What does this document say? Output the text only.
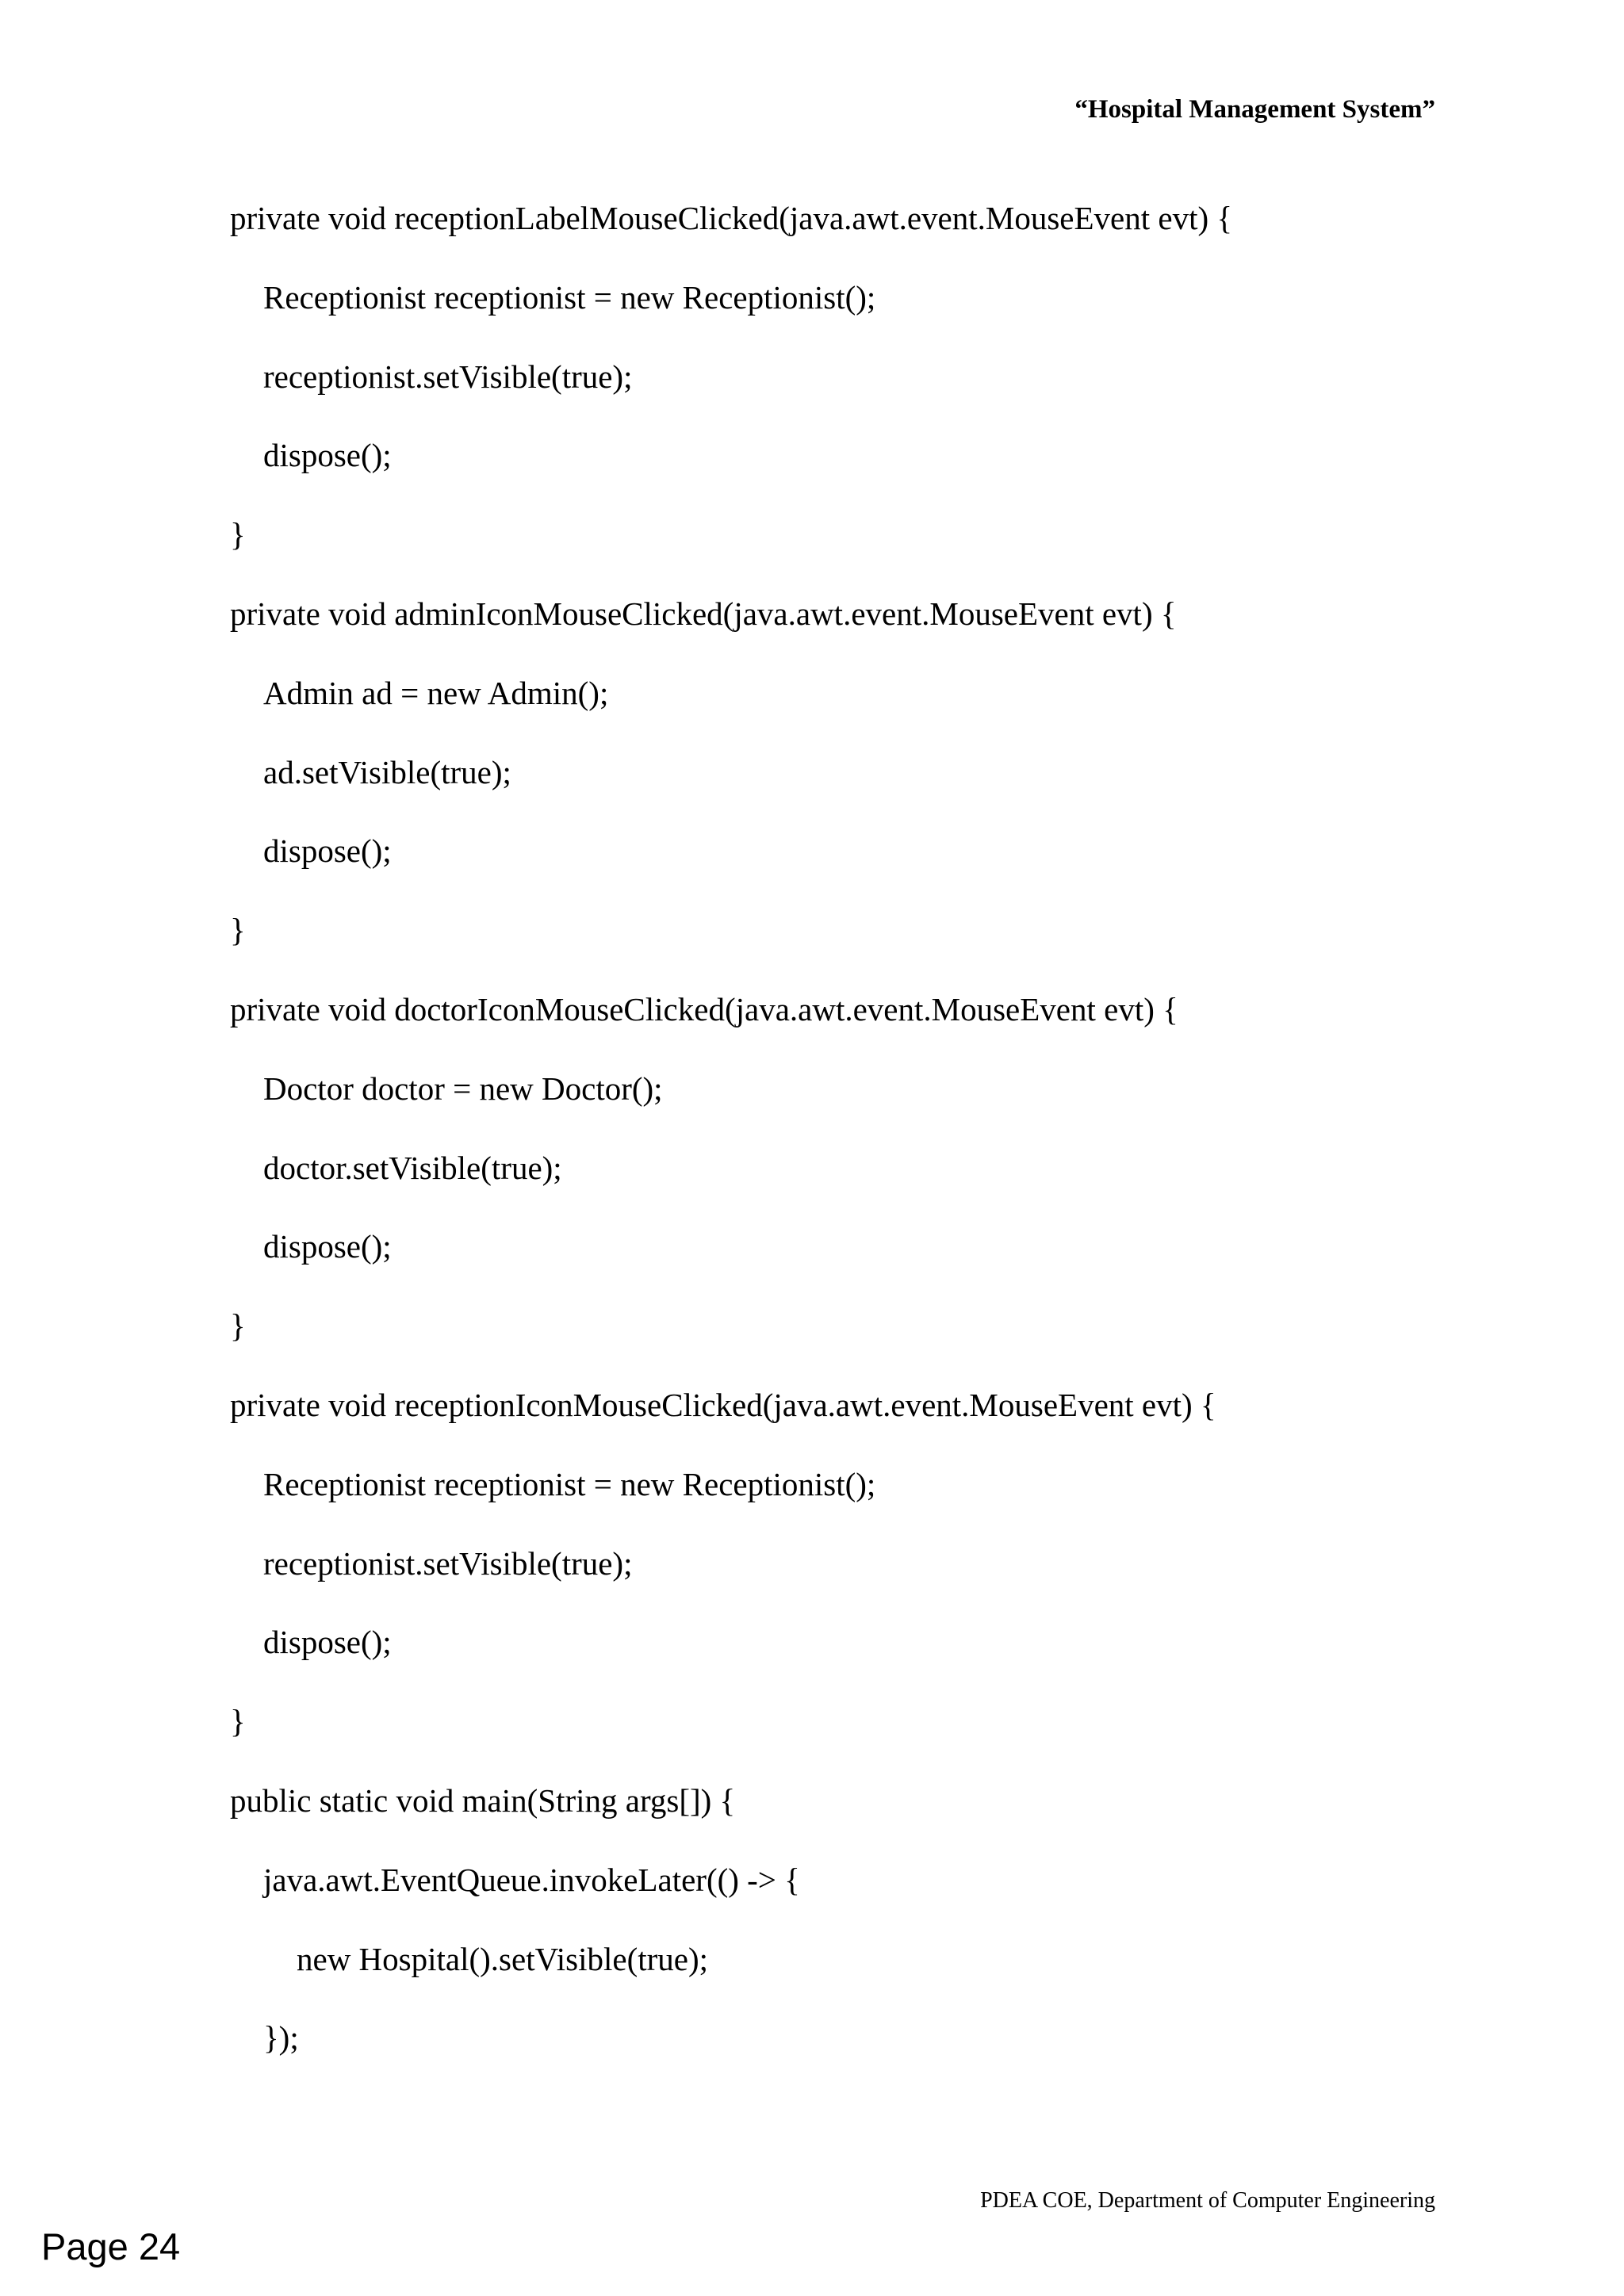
“Hospital Management System”
private void receptionLabelMouseClicked(java.awt.event.MouseEvent evt) {
Receptionist receptionist = new Receptionist();
receptionist.setVisible(true);
dispose();
}
private void adminIconMouseClicked(java.awt.event.MouseEvent evt) {
Admin ad = new Admin();
ad.setVisible(true);
dispose();
}
private void doctorIconMouseClicked(java.awt.event.MouseEvent evt) {
Doctor doctor = new Doctor();
doctor.setVisible(true);
dispose();
}
private void receptionIconMouseClicked(java.awt.event.MouseEvent evt) {
Receptionist receptionist = new Receptionist();
receptionist.setVisible(true);
dispose();
}
public static void main(String args[]) {
java.awt.EventQueue.invokeLater(() -> {
new Hospital().setVisible(true);
});
PDEA COE, Department of Computer Engineering
Page 24
